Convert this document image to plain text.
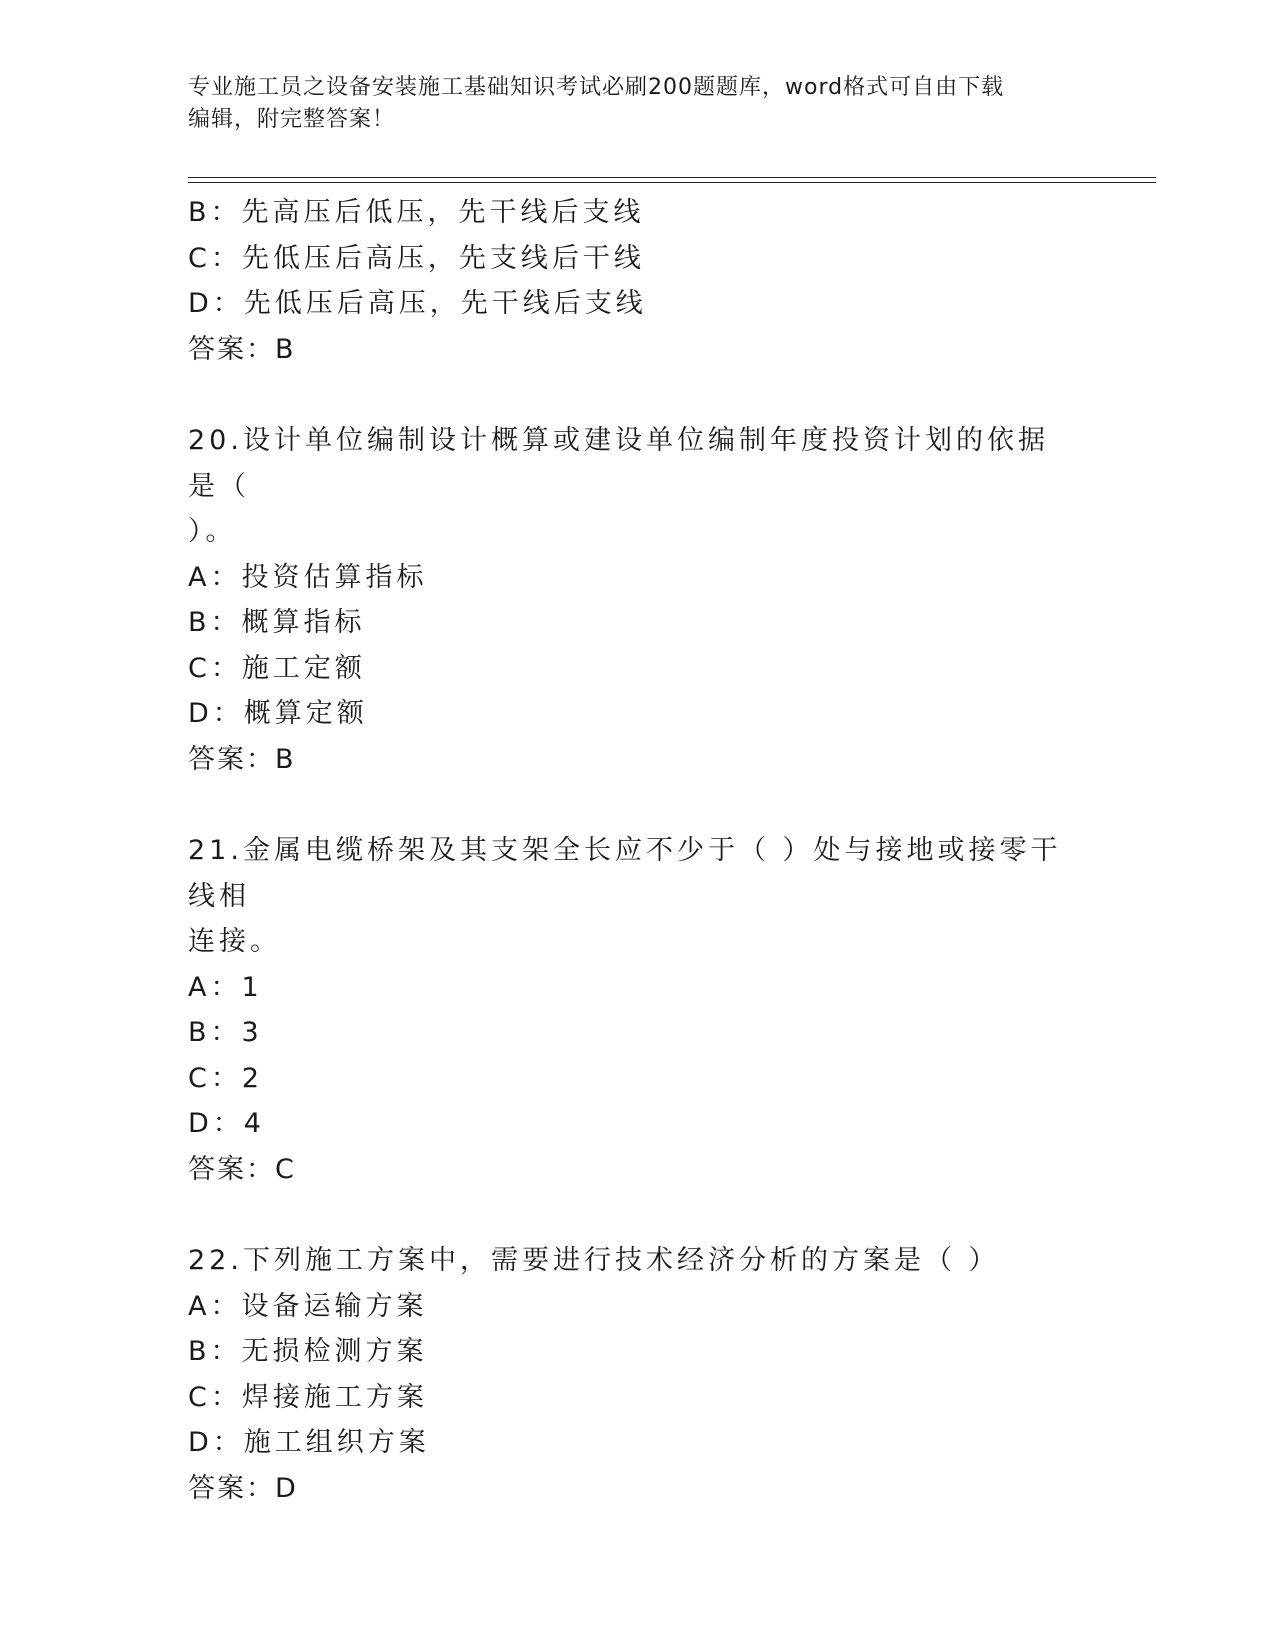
专业施工员之设备安装施工基础知识考试必刷200题题库，word格式可自由下载
编辑，附完整答案！
B：先高压后低压，先干线后支线
C：先低压后高压，先支线后干线
D：先低压后高压，先干线后支线
答案：B
20.设计单位编制设计概算或建设单位编制年度投资计划的依据是（
）。
A：投资估算指标
B：概算指标
C：施工定额
D：概算定额
答案：B
21.金属电缆桥架及其支架全长应不少于（ ）处与接地或接零干线相
连接。
A：1
B：3
C：2
D：4
答案：C
22.下列施工方案中，需要进行技术经济分析的方案是（ ）
A：设备运输方案
B：无损检测方案
C：焊接施工方案
D：施工组织方案
答案：D
